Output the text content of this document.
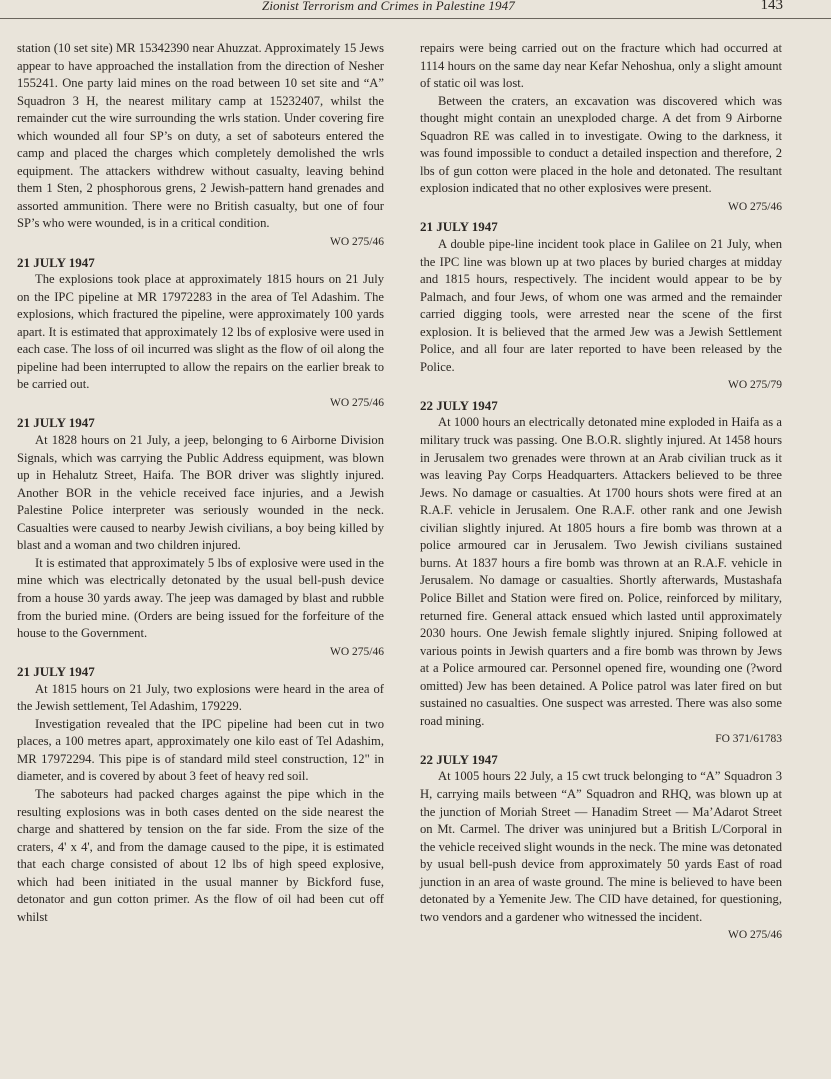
Zionist Terrorism and Crimes in Palestine 1947	143

station (10 set site) MR 15342390 near Ahuzzat. Approximately 15 Jews appear to have approached the installation from the direction of Nesher 155241. One party laid mines on the road between 10 set site and “A” Squadron 3 H, the nearest military camp at 15232407, whilst the remainder cut the wire surrounding the wrls station. Under covering fire which wounded all four SP’s on duty, a set of saboteurs entered the camp and placed the charges which completely demolished the wrls equipment. The attackers withdrew without casualty, leaving behind them 1 Sten, 2 phosphorous grens, 2 Jewish-pattern hand grenades and assorted ammunition. There were no British casualty, but one of four SP’s who were wounded, is in a critical condition.

WO 275/46
21 JULY 1947

The explosions took place at approximately 1815 hours on 21 July on the IPC pipeline at MR 17972283 in the area of Tel Adashim. The explosions, which fractured the pipeline, were approximately 100 yards apart. It is estimated that approximately 12 lbs of explosive were used in each case. The loss of oil incurred was slight as the flow of oil along the pipeline had been interrupted to allow the repairs on the earlier break to be carried out.

WO 275/46
21 JULY 1947

At 1828 hours on 21 July, a jeep, belonging to 6 Airborne Division Signals, which was carrying the Public Address equipment, was blown up in Hehalutz Street, Haifa. The BOR driver was slightly injured. Another BOR in the vehicle received face injuries, and a Jewish Palestine Police interpreter was seriously wounded in the neck. Casualties were caused to nearby Jewish civilians, a boy being killed by blast and a woman and two children injured.

It is estimated that approximately 5 lbs of explosive were used in the mine which was electrically detonated by the usual bell-push device from a house 30 yards away. The jeep was damaged by blast and rubble from the buried mine. (Orders are being issued for the forfeiture of the house to the Government.

WO 275/46
21 JULY 1947

At 1815 hours on 21 July, two explosions were heard in the area of the Jewish settlement, Tel Adashim, 179229.

Investigation revealed that the IPC pipeline had been cut in two places, a 100 metres apart, approximately one kilo east of Tel Adashim, MR 17972294. This pipe is of standard mild steel construction, 12" in diameter, and is covered by about 3 feet of heavy red soil.

The saboteurs had packed charges against the pipe which in the resulting explosions was in both cases dented on the side nearest the charge and shattered by tension on the far side. From the size of the craters, 4' x 4', and from the damage caused to the pipe, it is estimated that each charge consisted of about 12 lbs of high speed explosive, which had been initiated in the usual manner by Bickford fuse, detonator and gun cotton primer. As the flow of oil had been cut off whilst

repairs were being carried out on the fracture which had occurred at 1114 hours on the same day near Kefar Nehoshua, only a slight amount of static oil was lost.

Between the craters, an excavation was discovered which was thought might contain an unexploded charge. A det from 9 Airborne Squadron RE was called in to investigate. Owing to the darkness, it was found impossible to conduct a detailed inspection and therefore, 2 lbs of gun cotton were placed in the hole and detonated. The resultant explosion indicated that no other explosives were present.

WO 275/46
21 JULY 1947

A double pipe-line incident took place in Galilee on 21 July, when the IPC line was blown up at two places by buried charges at midday and 1815 hours, respectively. The incident would appear to be by Palmach, and four Jews, of whom one was armed and the remainder carried digging tools, were arrested near the scene of the first explosion. It is believed that the armed Jew was a Jewish Settlement Police, and all four are later reported to have been released by the Police.

WO 275/79
22 JULY 1947

At 1000 hours an electrically detonated mine exploded in Haifa as a military truck was passing. One B.O.R. slightly injured. At 1458 hours in Jerusalem two grenades were thrown at an Arab civilian truck as it was leaving Pay Corps Headquarters. Attackers believed to be three Jews. No damage or casualties. At 1700 hours shots were fired at an R.A.F. vehicle in Jerusalem. One R.A.F. other rank and one Jewish civilian slightly injured. At 1805 hours a fire bomb was thrown at a police armoured car in Jerusalem. Two Jewish civilians sustained burns. At 1837 hours a fire bomb was thrown at an R.A.F. vehicle in Jerusalem. No damage or casualties. Shortly afterwards, Mustashafa Police Billet and Station were fired on. Police, reinforced by military, returned fire. General attack ensued which lasted until approximately 2030 hours. One Jewish female slightly injured. Sniping followed at various points in Jewish quarters and a fire bomb was thrown by Jews at a Police armoured car. Personnel opened fire, wounding one (?word omitted) Jew has been detained. A Police patrol was later fired on but sustained no casualties. One suspect was arrested. There was also some road mining.

FO 371/61783
22 JULY 1947

At 1005 hours 22 July, a 15 cwt truck belonging to “A” Squadron 3 H, carrying mails between “A” Squadron and RHQ, was blown up at the junction of Moriah Street — Hanadim Street — Ma’Adarot Street on Mt. Carmel. The driver was uninjured but a British L/Corporal in the vehicle received slight wounds in the neck. The mine was detonated by usual bell-push device from approximately 50 yards East of road junction in an area of waste ground. The mine is believed to have been detonated by a Yemenite Jew. The CID have detained, for questioning, two vendors and a gardener who witnessed the incident.

WO 275/46
